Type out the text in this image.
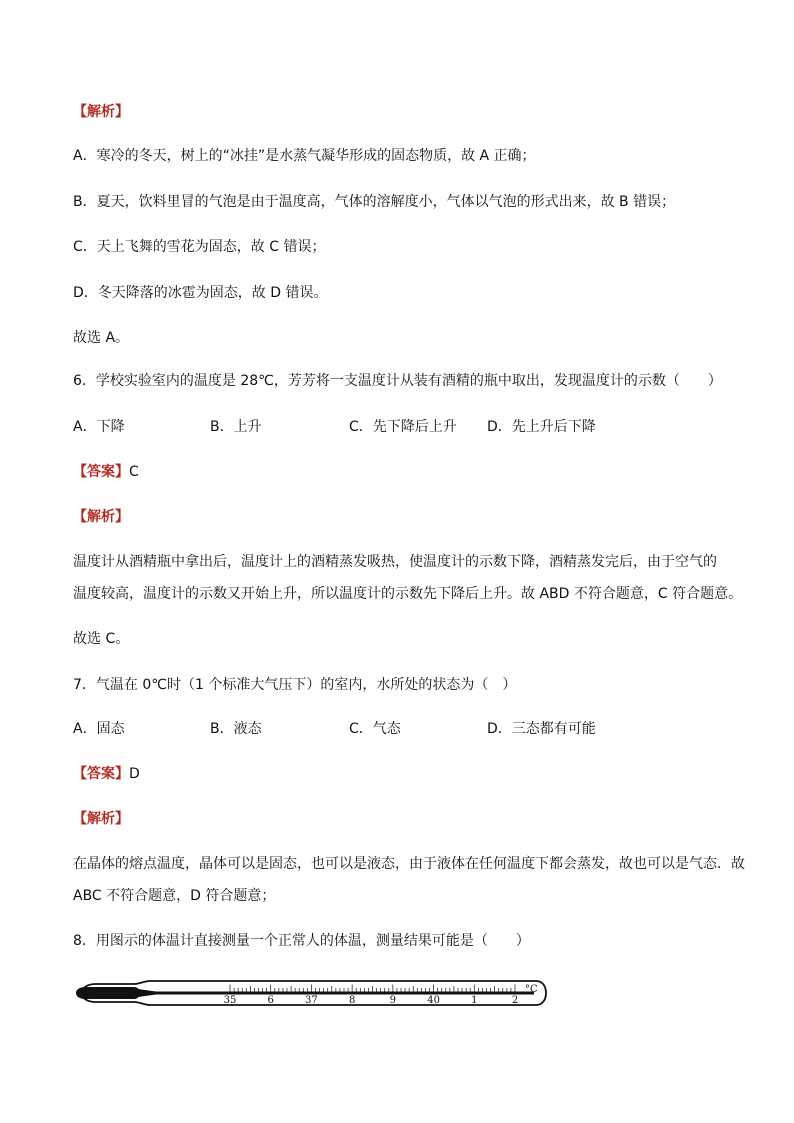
【解析】
A．寒冷的冬天，树上的“冰挂”是水蒸气凝华形成的固态物质，故 A 正确；
B．夏天，饮料里冒的气泡是由于温度高，气体的溶解度小，气体以气泡的形式出来，故 B 错误；
C．天上飞舞的雪花为固态，故 C 错误；
D．冬天降落的冰雹为固态，故 D 错误。
故选 A。
6．学校实验室内的温度是 28℃，芳芳将一支温度计从装有酒精的瓶中取出，发现温度计的示数（　　）
A．下降	B．上升	C．先下降后上升 D．先上升后下降
【答案】C
【解析】
温度计从酒精瓶中拿出后，温度计上的酒精蒸发吸热，使温度计的示数下降，酒精蒸发完后，由于空气的
温度较高，温度计的示数又开始上升，所以温度计的示数先下降后上升。故 ABD 不符合题意，C 符合题意。
故选 C。
7．气温在 0℃时（1 个标准大气压下）的室内，水所处的状态为（　）
A．固态	B．液态	C．气态	D．三态都有可能
【答案】D
【解析】
在晶体的熔点温度，晶体可以是固态，也可以是液态，由于液体在任何温度下都会蒸发，故也可以是气态．故
ABC 不符合题意，D 符合题意；
8．用图示的体温计直接测量一个正常人的体温，测量结果可能是（　　）
35	6	37	8	9	40	1	2
°C
